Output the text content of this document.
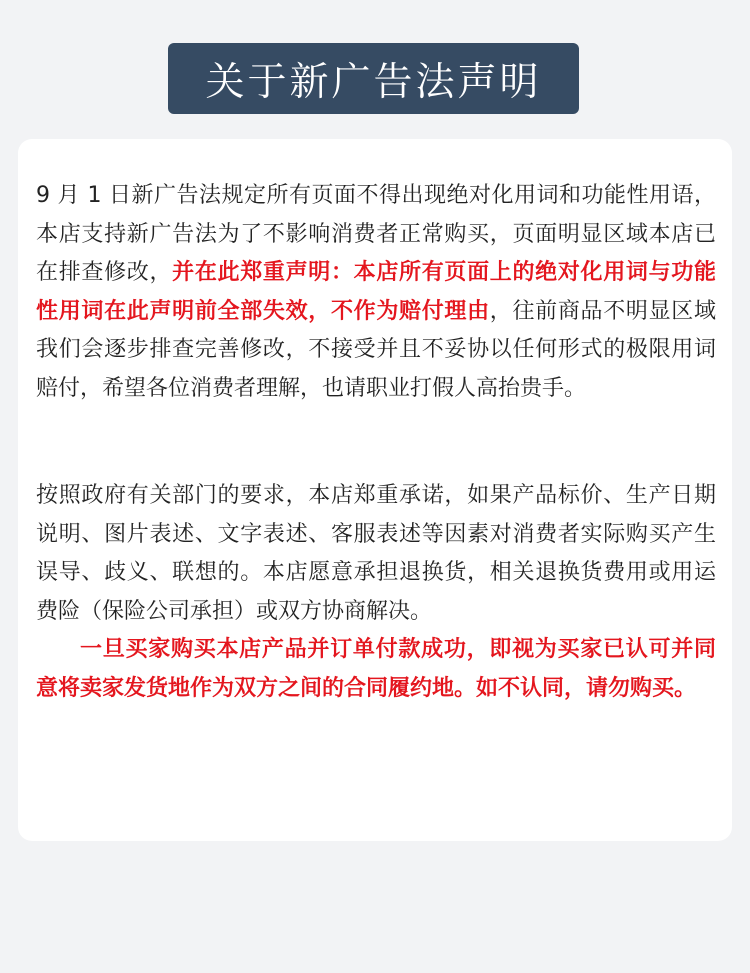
关于新广告法声明

9 月 1 日新广告法规定所有页面不得出现绝对化用词和功能性用语，本店支持新广告法为了不影响消费者正常购买，页面明显区域本店已在排查修改，并在此郑重声明：本店所有页面上的绝对化用词与功能性用词在此声明前全部失效，不作为赔付理由，往前商品不明显区域我们会逐步排查完善修改，不接受并且不妥协以任何形式的极限用词赔付，希望各位消费者理解，也请职业打假人高抬贵手。

按照政府有关部门的要求，本店郑重承诺，如果产品标价、生产日期说明、图片表述、文字表述、客服表述等因素对消费者实际购买产生误导、歧义、联想的。本店愿意承担退换货，相关退换货费用或用运费险（保险公司承担）或双方协商解决。
一旦买家购买本店产品并订单付款成功，即视为买家已认可并同意将卖家发货地作为双方之间的合同履约地。如不认同，请勿购买。
